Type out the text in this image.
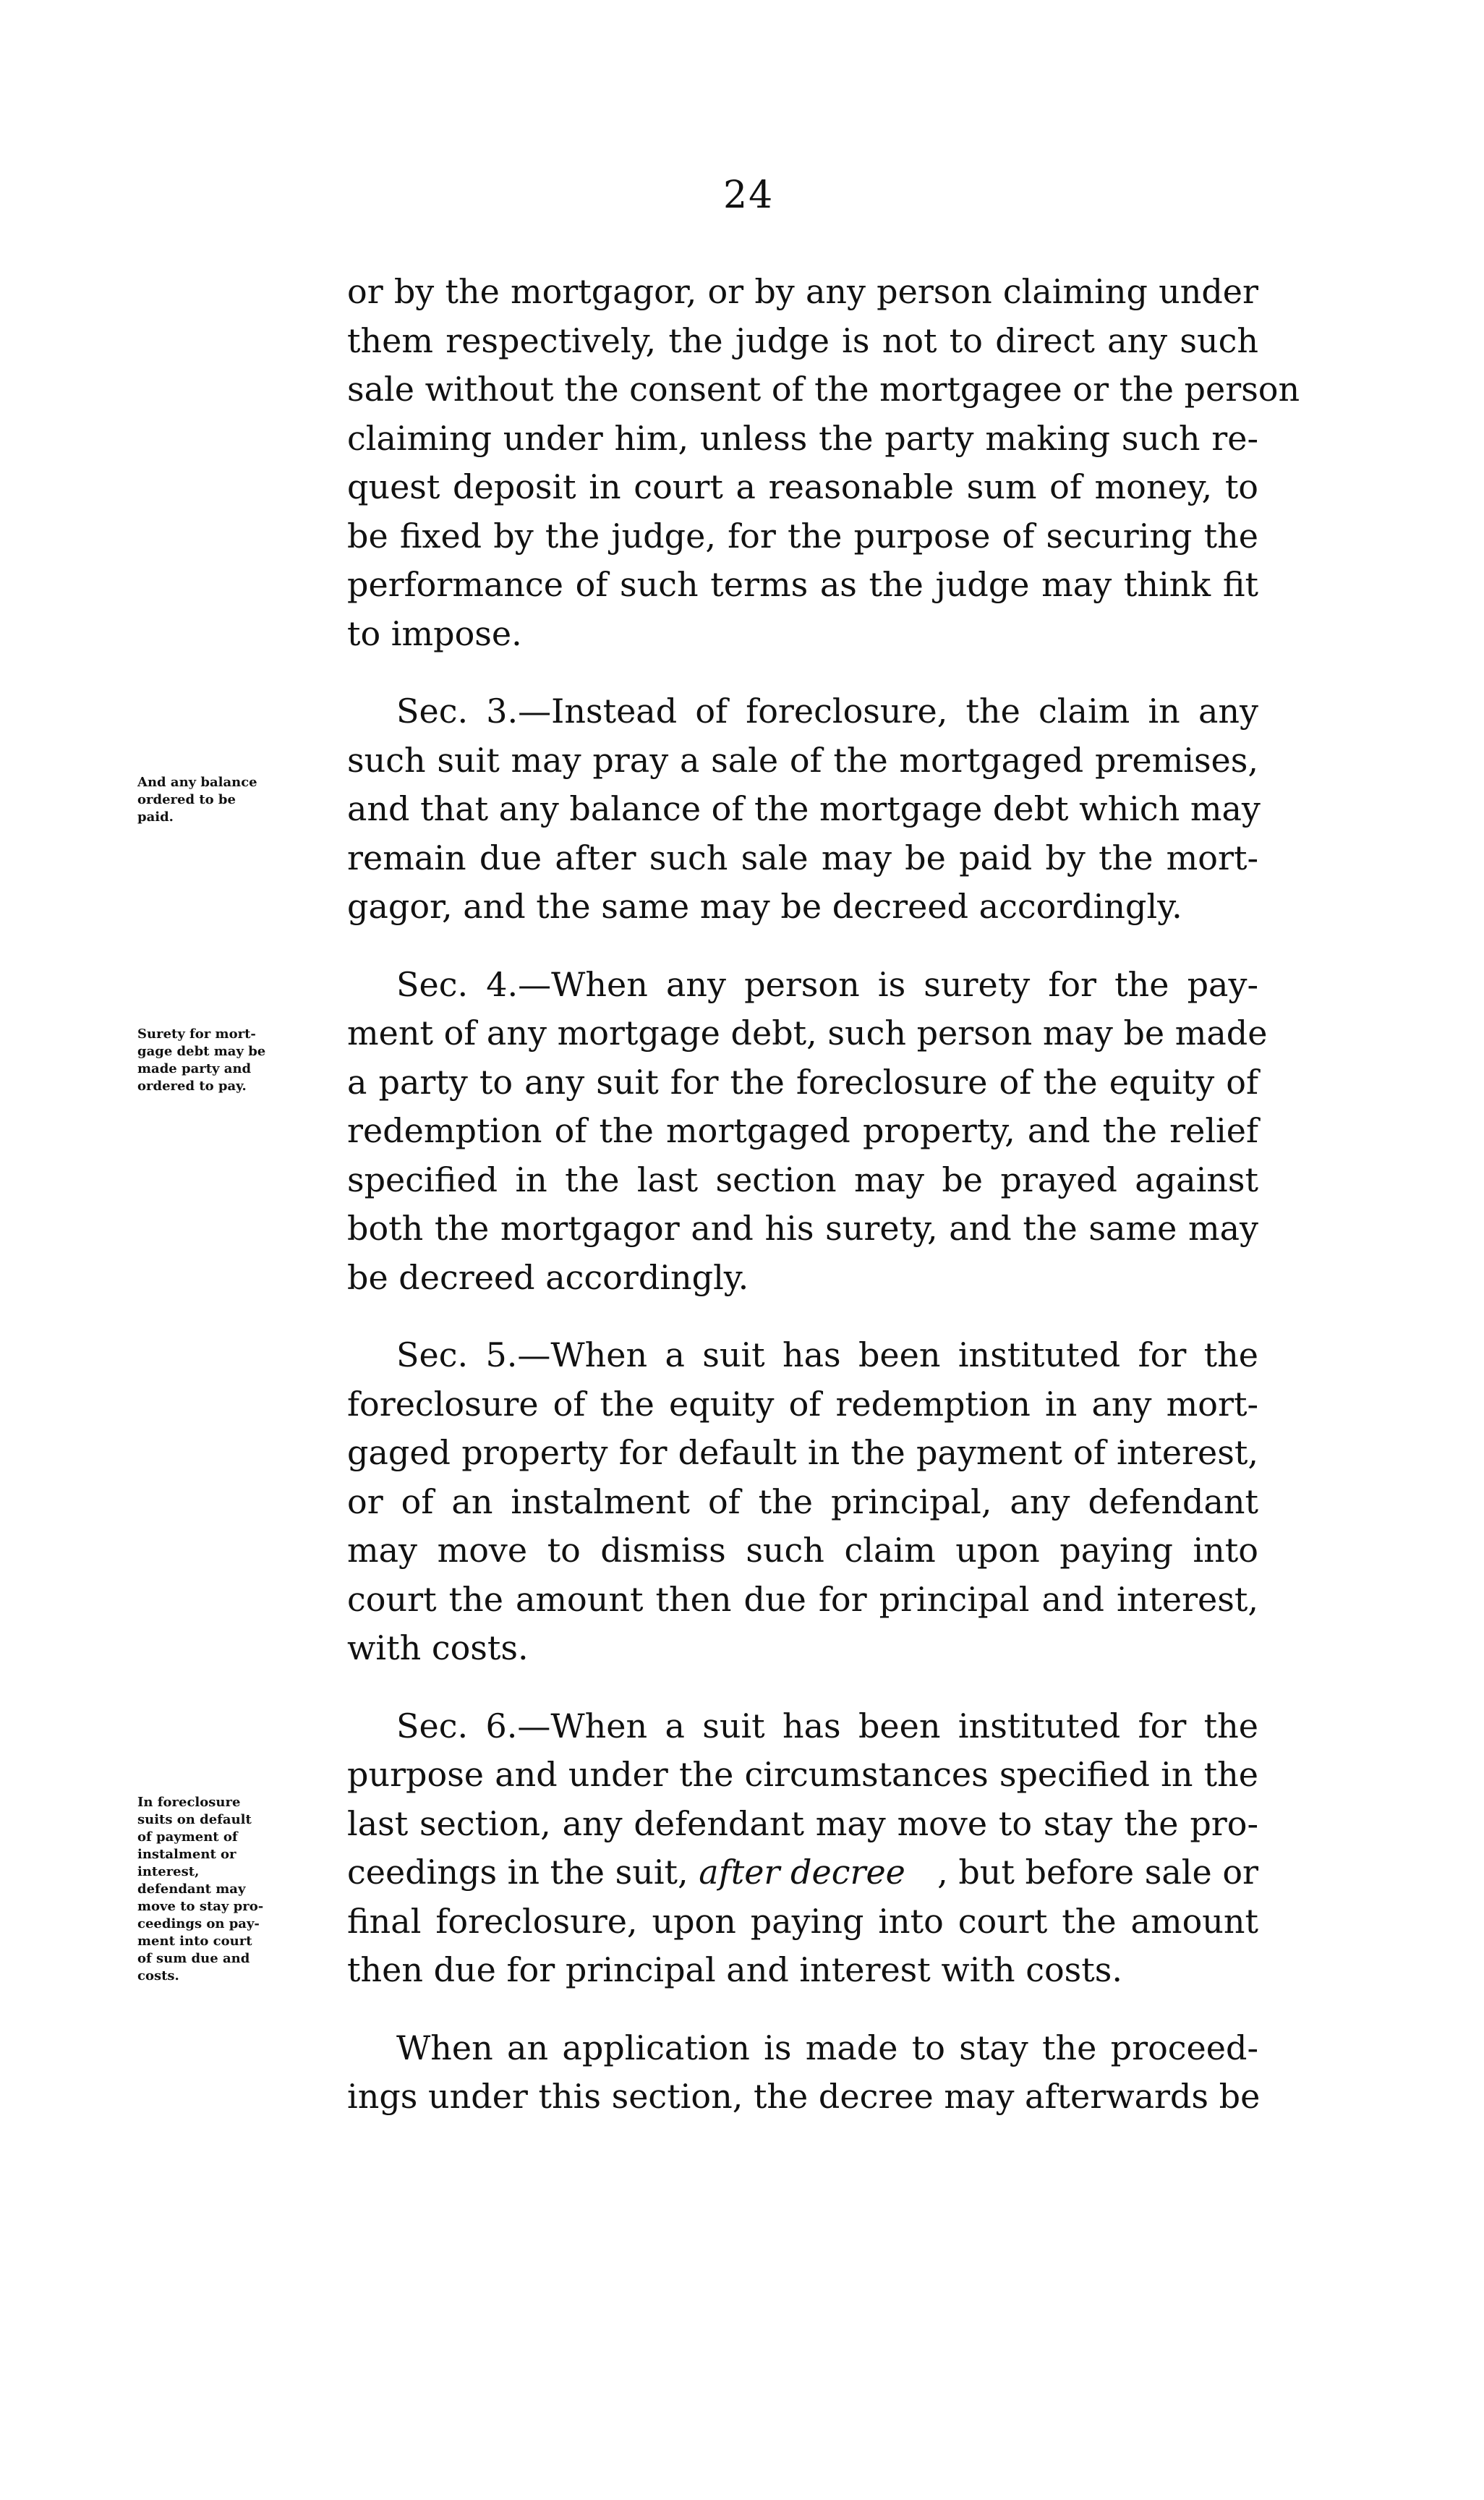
24
or by the mortgagor, or by any person claiming under
them respectively, the judge is not to direct any such
sale without the consent of the mortgagee or the person
claiming under him, unless the party making such re-
quest deposit in court a reasonable sum of money, to
be fixed by the judge, for the purpose of securing the
performance of such terms as the judge may think fit
to impose.
Sec. 3.—Instead of foreclosure, the claim in any
such suit may pray a sale of the mortgaged premises,
and that any balance of the mortgage debt which may
remain due after such sale may be paid by the mort-
gagor, and the same may be decreed accordingly.
Sec. 4.—When any person is surety for the pay-
ment of any mortgage debt, such person may be made
a party to any suit for the foreclosure of the equity of
redemption of the mortgaged property, and the relief
specified in the last section may be prayed against
both the mortgagor and his surety, and the same may
be decreed accordingly.
Sec. 5.—When a suit has been instituted for the
foreclosure of the equity of redemption in any mort-
gaged property for default in the payment of interest,
or of an instalment of the principal, any defendant
may move to dismiss such claim upon paying into
court the amount then due for principal and interest,
with costs.
Sec. 6.—When a suit has been instituted for the
purpose and under the circumstances specified in the
last section, any defendant may move to stay the pro-
ceedings in the suit, after decree , but before sale or
final foreclosure, upon paying into court the amount
then due for principal and interest with costs.
When an application is made to stay the proceed-
ings under this section, the decree may afterwards be
And any balance
ordered to be
paid.
Surety for mort-
gage debt may be
made party and
ordered to pay.
In foreclosure
suits on default
of payment of
instalment or
interest,
defendant may
move to stay pro-
ceedings on pay-
ment into court
of sum due and
costs.
